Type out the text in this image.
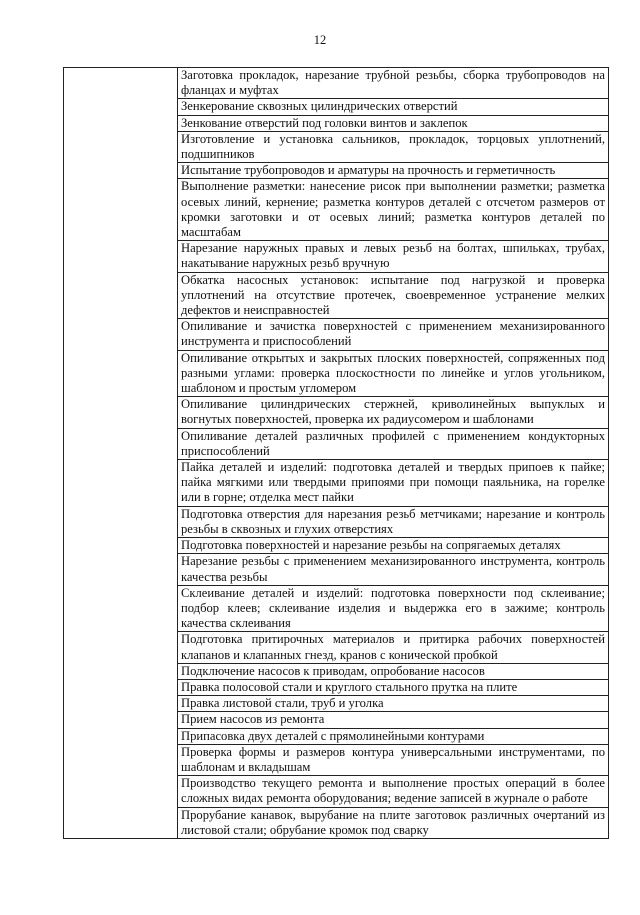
12
	Заготовка прокладок, нарезание трубной резьбы, сборка трубопроводов на фланцах и муфтах
Зенкерование сквозных цилиндрических отверстий
Зенкование отверстий под головки винтов и заклепок
Изготовление и установка сальников, прокладок, торцовых уплотнений, подшипников
Испытание трубопроводов и арматуры на прочность и герметичность
Выполнение разметки: нанесение рисок при выполнении разметки; разметка осевых линий, кернение; разметка контуров деталей с отсчетом размеров от кромки заготовки и от осевых линий; разметка контуров деталей по масштабам
Нарезание наружных правых и левых резьб на болтах, шпильках, трубах, накатывание наружных резьб вручную
Обкатка насосных установок: испытание под нагрузкой и проверка уплотнений на отсутствие протечек, своевременное устранение мелких дефектов и неисправностей
Опиливание и зачистка поверхностей с применением механизированного инструмента и приспособлений
Опиливание открытых и закрытых плоских поверхностей, сопряженных под разными углами: проверка плоскостности по линейке и углов угольником, шаблоном и простым угломером
Опиливание цилиндрических стержней, криволинейных выпуклых и вогнутых поверхностей, проверка их радиусомером и шаблонами
Опиливание деталей различных профилей с применением кондукторных приспособлений
Пайка деталей и изделий: подготовка деталей и твердых припоев к пайке; пайка мягкими или твердыми припоями при помощи паяльника, на горелке или в горне; отделка мест пайки
Подготовка отверстия для нарезания резьб метчиками; нарезание и контроль резьбы в сквозных и глухих отверстиях
Подготовка поверхностей и нарезание резьбы на сопрягаемых деталях
Нарезание резьбы с применением механизированного инструмента, контроль качества резьбы
Склеивание деталей и изделий: подготовка поверхности под склеивание; подбор клеев; склеивание изделия и выдержка его в зажиме; контроль качества склеивания
Подготовка притирочных материалов и притирка рабочих поверхностей клапанов и клапанных гнезд, кранов с конической пробкой
Подключение насосов к приводам, опробование насосов
Правка полосовой стали и круглого стального прутка на плите
Правка листовой стали, труб и уголка
Прием насосов из ремонта
Припасовка двух деталей с прямолинейными контурами
Проверка формы и размеров контура универсальными инструментами, по шаблонам и вкладышам
Производство текущего ремонта и выполнение простых операций в более сложных видах ремонта оборудования; ведение записей в журнале о работе
Прорубание канавок, вырубание на плите заготовок различных очертаний из листовой стали; обрубание кромок под сварку
